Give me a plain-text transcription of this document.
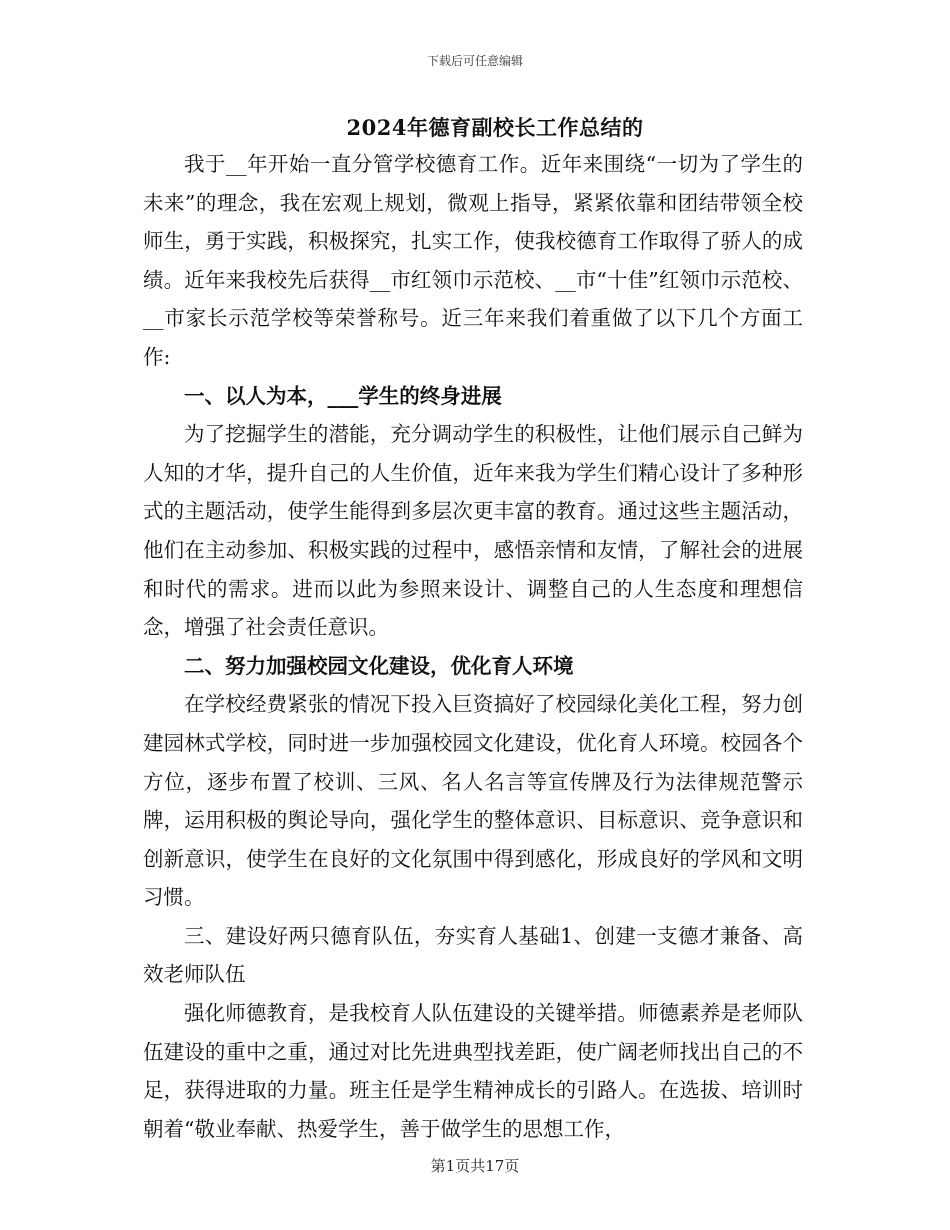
下载后可任意编辑
2024年德育副校长工作总结的

我于__年开始一直分管学校德育工作。近年来围绕“一切为了学生的未来”的理念，我在宏观上规划，微观上指导，紧紧依靠和团结带领全校师生，勇于实践，积极探究，扎实工作，使我校德育工作取得了骄人的成绩。近年来我校先后获得__市红领巾示范校、__市“十佳”红领巾示范校、__市家长示范学校等荣誉称号。近三年来我们着重做了以下几个方面工作:

一、以人为本，___学生的终身进展

为了挖掘学生的潜能，充分调动学生的积极性，让他们展示自己鲜为人知的才华，提升自己的人生价值，近年来我为学生们精心设计了多种形式的主题活动，使学生能得到多层次更丰富的教育。通过这些主题活动，他们在主动参加、积极实践的过程中，感悟亲情和友情，了解社会的进展和时代的需求。进而以此为参照来设计、调整自己的人生态度和理想信念，增强了社会责任意识。

二、努力加强校园文化建设，优化育人环境

在学校经费紧张的情况下投入巨资搞好了校园绿化美化工程，努力创建园林式学校，同时进一步加强校园文化建设，优化育人环境。校园各个方位，逐步布置了校训、三风、名人名言等宣传牌及行为法律规范警示牌，运用积极的舆论导向，强化学生的整体意识、目标意识、竞争意识和创新意识，使学生在良好的文化氛围中得到感化，形成良好的学风和文明习惯。

三、建设好两只德育队伍，夯实育人基础1、创建一支德才兼备、高效老师队伍

强化师德教育，是我校育人队伍建设的关键举措。师德素养是老师队伍建设的重中之重，通过对比先进典型找差距，使广阔老师找出自己的不足，获得进取的力量。班主任是学生精神成长的引路人。在选拔、培训时朝着“敬业奉献、热爱学生，善于做学生的思想工作，

第1页共17页
